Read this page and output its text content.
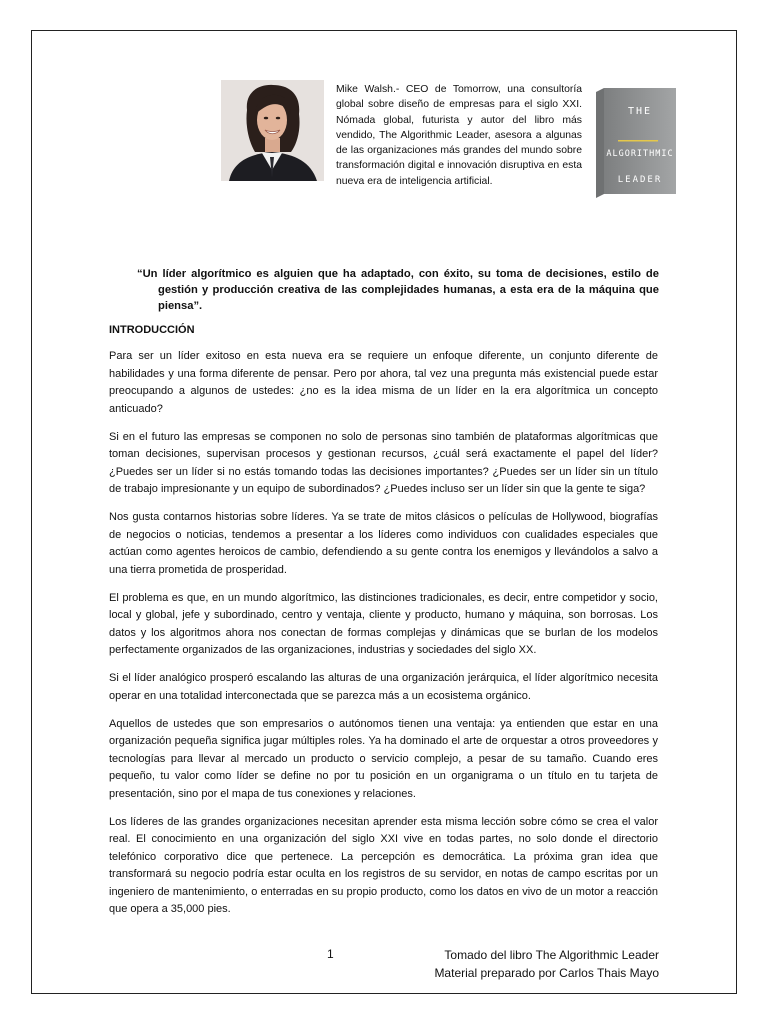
Mike Walsh.- CEO de Tomorrow, una consultoría global sobre diseño de empresas para el siglo XXI. Nómada global, futurista y autor del libro más vendido, The Algorithmic Leader, asesora a algunas de las organizaciones más grandes del mundo sobre transformación digital e innovación disruptiva en esta nueva era de inteligencia artificial.
THE
ALGORITHMIC
LEADER
“Un líder algorítmico es alguien que ha adaptado, con éxito, su toma de decisiones, estilo de gestión y producción creativa de las complejidades humanas, a esta era de la máquina que piensa”.
INTRODUCCIÓN

Para ser un líder exitoso en esta nueva era se requiere un enfoque diferente, un conjunto diferente de habilidades y una forma diferente de pensar. Pero por ahora, tal vez una pregunta más existencial puede estar preocupando a algunos de ustedes: ¿no es la idea misma de un líder en la era algorítmica un concepto anticuado?

Si en el futuro las empresas se componen no solo de personas sino también de plataformas algorítmicas que toman decisiones, supervisan procesos y gestionan recursos, ¿cuál será exactamente el papel del líder? ¿Puedes ser un líder si no estás tomando todas las decisiones importantes? ¿Puedes ser un líder sin un título de trabajo impresionante y un equipo de subordinados? ¿Puedes incluso ser un líder sin que la gente te siga?

Nos gusta contarnos historias sobre líderes. Ya se trate de mitos clásicos o películas de Hollywood, biografías de negocios o noticias, tendemos a presentar a los líderes como individuos con cualidades especiales que actúan como agentes heroicos de cambio, defendiendo a su gente contra los enemigos y llevándolos a salvo a una tierra prometida de prosperidad.

El problema es que, en un mundo algorítmico, las distinciones tradicionales, es decir, entre competidor y socio, local y global, jefe y subordinado, centro y ventaja, cliente y producto, humano y máquina, son borrosas. Los datos y los algoritmos ahora nos conectan de formas complejas y dinámicas que se burlan de los modelos perfectamente organizados de las organizaciones, industrias y sociedades del siglo XX.

Si el líder analógico prosperó escalando las alturas de una organización jerárquica, el líder algorítmico necesita operar en una totalidad interconectada que se parezca más a un ecosistema orgánico.

Aquellos de ustedes que son empresarios o autónomos tienen una ventaja: ya entienden que estar en una organización pequeña significa jugar múltiples roles. Ya ha dominado el arte de orquestar a otros proveedores y tecnologías para llevar al mercado un producto o servicio complejo, a pesar de su tamaño. Cuando eres pequeño, tu valor como líder se define no por tu posición en un organigrama o un título en tu tarjeta de presentación, sino por el mapa de tus conexiones y relaciones.

Los líderes de las grandes organizaciones necesitan aprender esta misma lección sobre cómo se crea el valor real. El conocimiento en una organización del siglo XXI vive en todas partes, no solo donde el directorio telefónico corporativo dice que pertenece. La percepción es democrática. La próxima gran idea que transformará su negocio podría estar oculta en los registros de su servidor, en notas de campo escritas por un ingeniero de mantenimiento, o enterradas en su propio producto, como los datos en vivo de un motor a reacción que opera a 35,000 pies.

1	Tomado del libro The Algorithmic Leader
Material preparado por Carlos Thais Mayo
